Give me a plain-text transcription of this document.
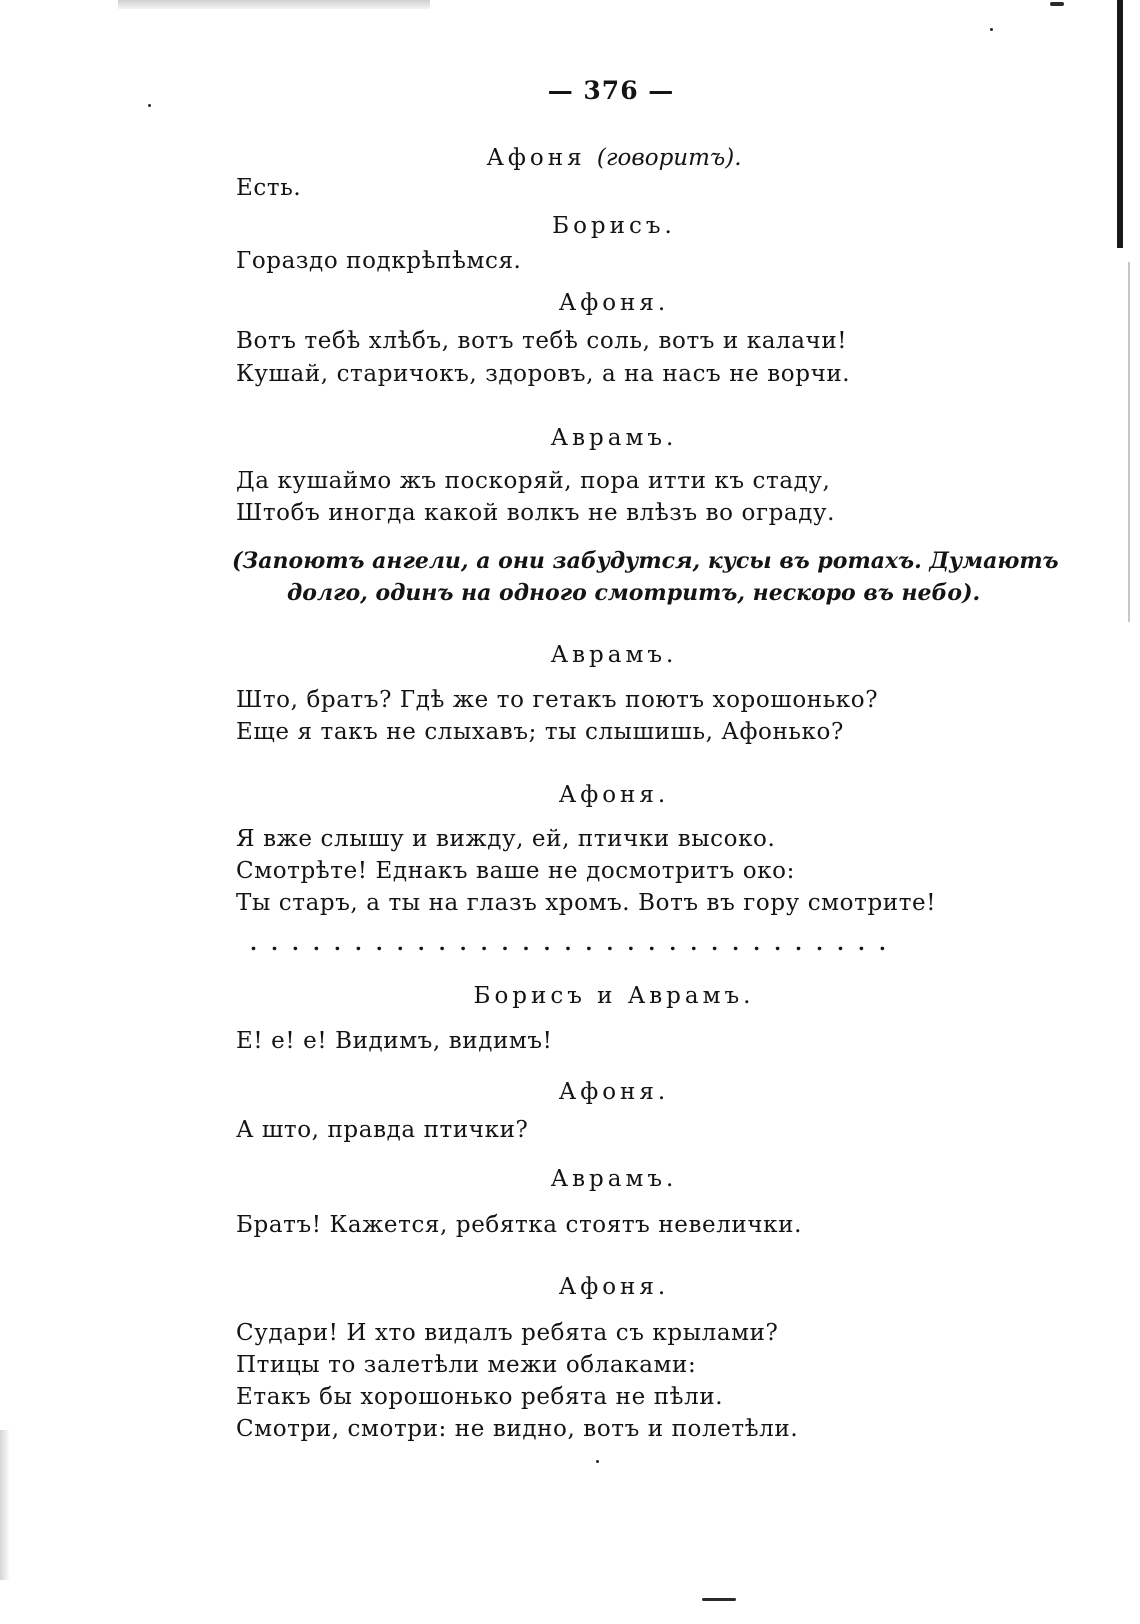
— 376 —
Афоня (говоритъ).
Есть.
Борисъ.
Гораздо подкрѣпѣмся.
Афоня.
Вотъ тебѣ хлѣбъ, вотъ тебѣ соль, вотъ и калачи!
Кушай, старичокъ, здоровъ, а на насъ не ворчи.
Аврамъ.
Да кушаймо жъ поскоряй, пора итти къ стаду,
Штобъ иногда какой волкъ не влѣзъ во ограду.
(Запоютъ ангели, а они забудутся, кусы въ ротахъ. Думаютъ
долго, одинъ на одного смотритъ, нескоро въ небо).
Аврамъ.
Што, братъ? Гдѣ же то гетакъ поютъ хорошонько?
Еще я такъ не слыхавъ; ты слышишь, Афонько?
Афоня.
Я вже слышу и вижду, ей, птички высоко.
Смотрѣте! Еднакъ ваше не досмотритъ око:
Ты старъ, а ты на глазъ хромъ. Вотъ въ гору смотрите!
...............................
Борисъ и Аврамъ.
Е! е! е! Видимъ, видимъ!
Афоня.
А што, правда птички?
Аврамъ.
Братъ! Кажется, ребятка стоятъ невелички.
Афоня.
Судари! И хто видалъ ребята съ крылами?
Птицы то залетѣли межи облаками:
Етакъ бы хорошонько ребята не пѣли.
Смотри, смотри: не видно, вотъ и полетѣли.
